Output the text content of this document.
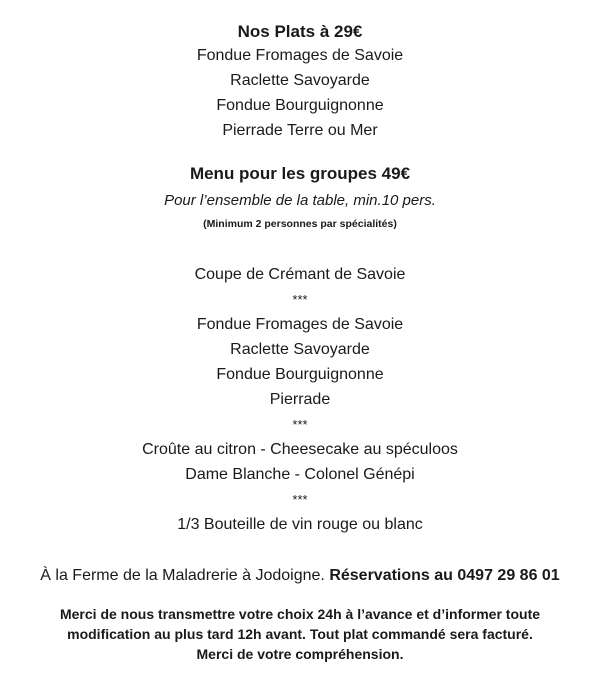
Nos Plats à 29€
Fondue Fromages de Savoie
Raclette Savoyarde
Fondue Bourguignonne
Pierrade Terre ou Mer
Menu pour les groupes 49€
Pour l’ensemble de la table, min.10 pers.
(Minimum 2 personnes par spécialités)
Coupe de Crémant de Savoie
***
Fondue Fromages de Savoie
Raclette Savoyarde
Fondue Bourguignonne
Pierrade
***
Croûte au citron - Cheesecake au spéculoos
Dame Blanche - Colonel Génépi
***
1/3 Bouteille de vin rouge ou blanc
À la Ferme de la Maladrerie à Jodoigne. Réservations au 0497 29 86 01
Merci de nous transmettre votre choix 24h à l’avance et d’informer toute
modification au plus tard 12h avant. Tout plat commandé sera facturé.
Merci de votre compréhension.
